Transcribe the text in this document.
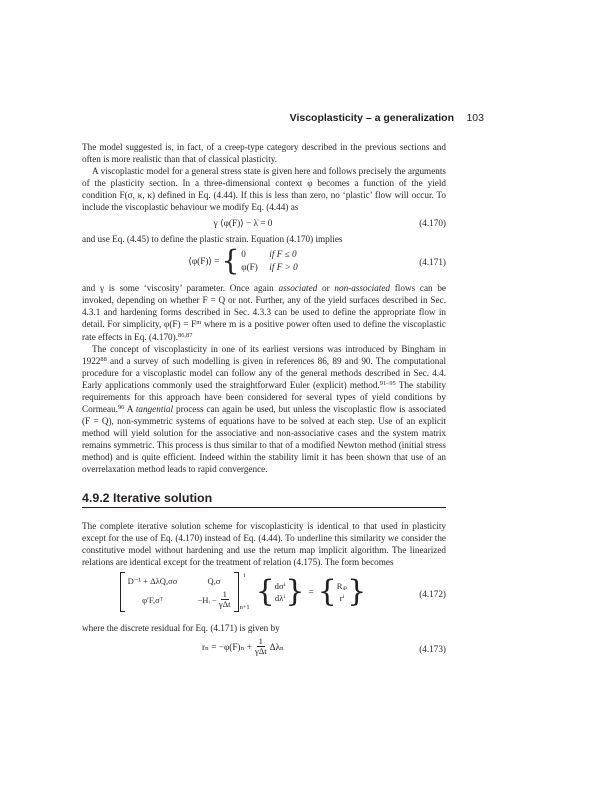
Viscoplasticity – a generalization 103

The model suggested is, in fact, of a creep-type category described in the previous sections and often is more realistic than that of classical plasticity.

A viscoplastic model for a general stress state is given here and follows precisely the arguments of the plasticity section. In a three-dimensional context φ becomes a function of the yield condition F(σ, κ, κ) defined in Eq. (4.44). If this is less than zero, no ‘plastic’ flow will occur. To include the viscoplastic behaviour we modify Eq. (4.44) as

γ ⟨φ(F)⟩ − λ̇ = 0	(4.170)

and use Eq. (4.45) to define the plastic strain. Equation (4.170) implies

⟨φ(F)⟩ = { 0	if F ≤ 0
φ(F) if F > 0	(4.171)

and γ is some ‘viscosity’ parameter. Once again associated or non-associated flows can be invoked, depending on whether F = Q or not. Further, any of the yield surfaces described in Sec. 4.3.1 and hardening forms described in Sec. 4.3.3 can be used to define the appropriate flow in detail. For simplicity, $\varphi(F) = F^m$ where m is a positive power often used to define the viscoplastic rate effects in Eq. (4.170).$^{86,87}$

The concept of viscoplasticity in one of its earliest versions was introduced by Bingham in 1922$^{88}$ and a survey of such modelling is given in references 86, 89 and 90. The computational procedure for a viscoplastic model can follow any of the general methods described in Sec. 4.4. Early applications commonly used the straightforward Euler (explicit) method.$^{91-95}$ The stability requirements for this approach have been considered for several types of yield conditions by Cormeau.$^{96}$ A tangential process can again be used, but unless the viscoplastic flow is associated (F = Q), non-symmetric systems of equations have to be solved at each step. Use of an explicit method will yield solution for the associative and non-associative cases and the system matrix remains symmetric. This process is thus similar to that of a modified Newton method (initial stress method) and is quite efficient. Indeed within the stability limit it has been shown that use of an overrelaxation method leads to rapid convergence.

4.9.2 Iterative solution

The complete iterative solution scheme for viscoplasticity is identical to that used in plasticity except for the use of Eq. (4.170) instead of Eq. (4.44). To underline this similarity we consider the constitutive model without hardening and use the return map implicit algorithm. The linearized relations are identical except for the treatment of relation (4.175). The form becomes

D⁻¹ + ΔλQ,σσ	Q,σ
φ′F,σᵀ	−Hᵢ − $\frac{1}{\text{γΔt}}$
i
n+1 { dσⁱ
dλⁱ } = { Rᵢₚ
rⁱ }	(4.172)

where the discrete residual for Eq. (4.171) is given by

$r_n = -\varphi(F)_n + \frac{1}{\text{γΔt}}$ Δλₙ	(4.173)
